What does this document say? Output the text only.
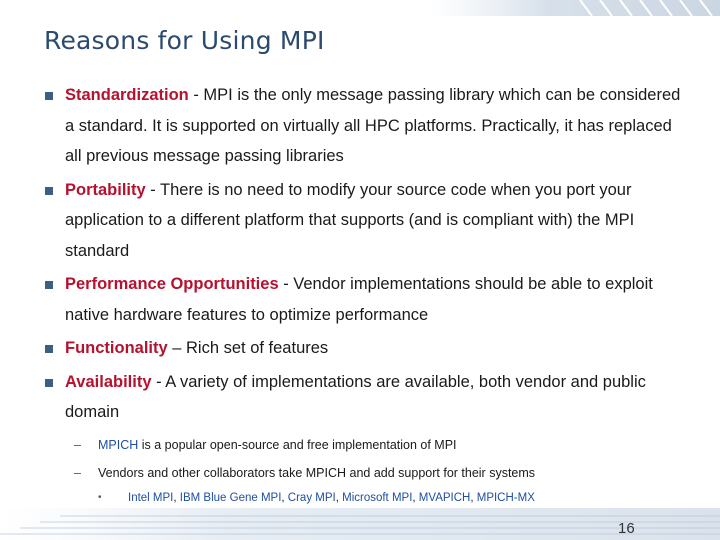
Reasons for Using MPI
Standardization - MPI is the only message passing library which can be considered a standard. It is supported on virtually all HPC platforms. Practically, it has replaced all previous message passing libraries
Portability - There is no need to modify your source code when you port your application to a different platform that supports (and is compliant with) the MPI standard
Performance Opportunities - Vendor implementations should be able to exploit native hardware features to optimize performance
Functionality – Rich set of features
Availability - A variety of implementations are available, both vendor and public domain
– MPICH is a popular open-source and free implementation of MPI
– Vendors and other collaborators take MPICH and add support for their systems
• Intel MPI, IBM Blue Gene MPI, Cray MPI, Microsoft MPI, MVAPICH, MPICH-MX
16
